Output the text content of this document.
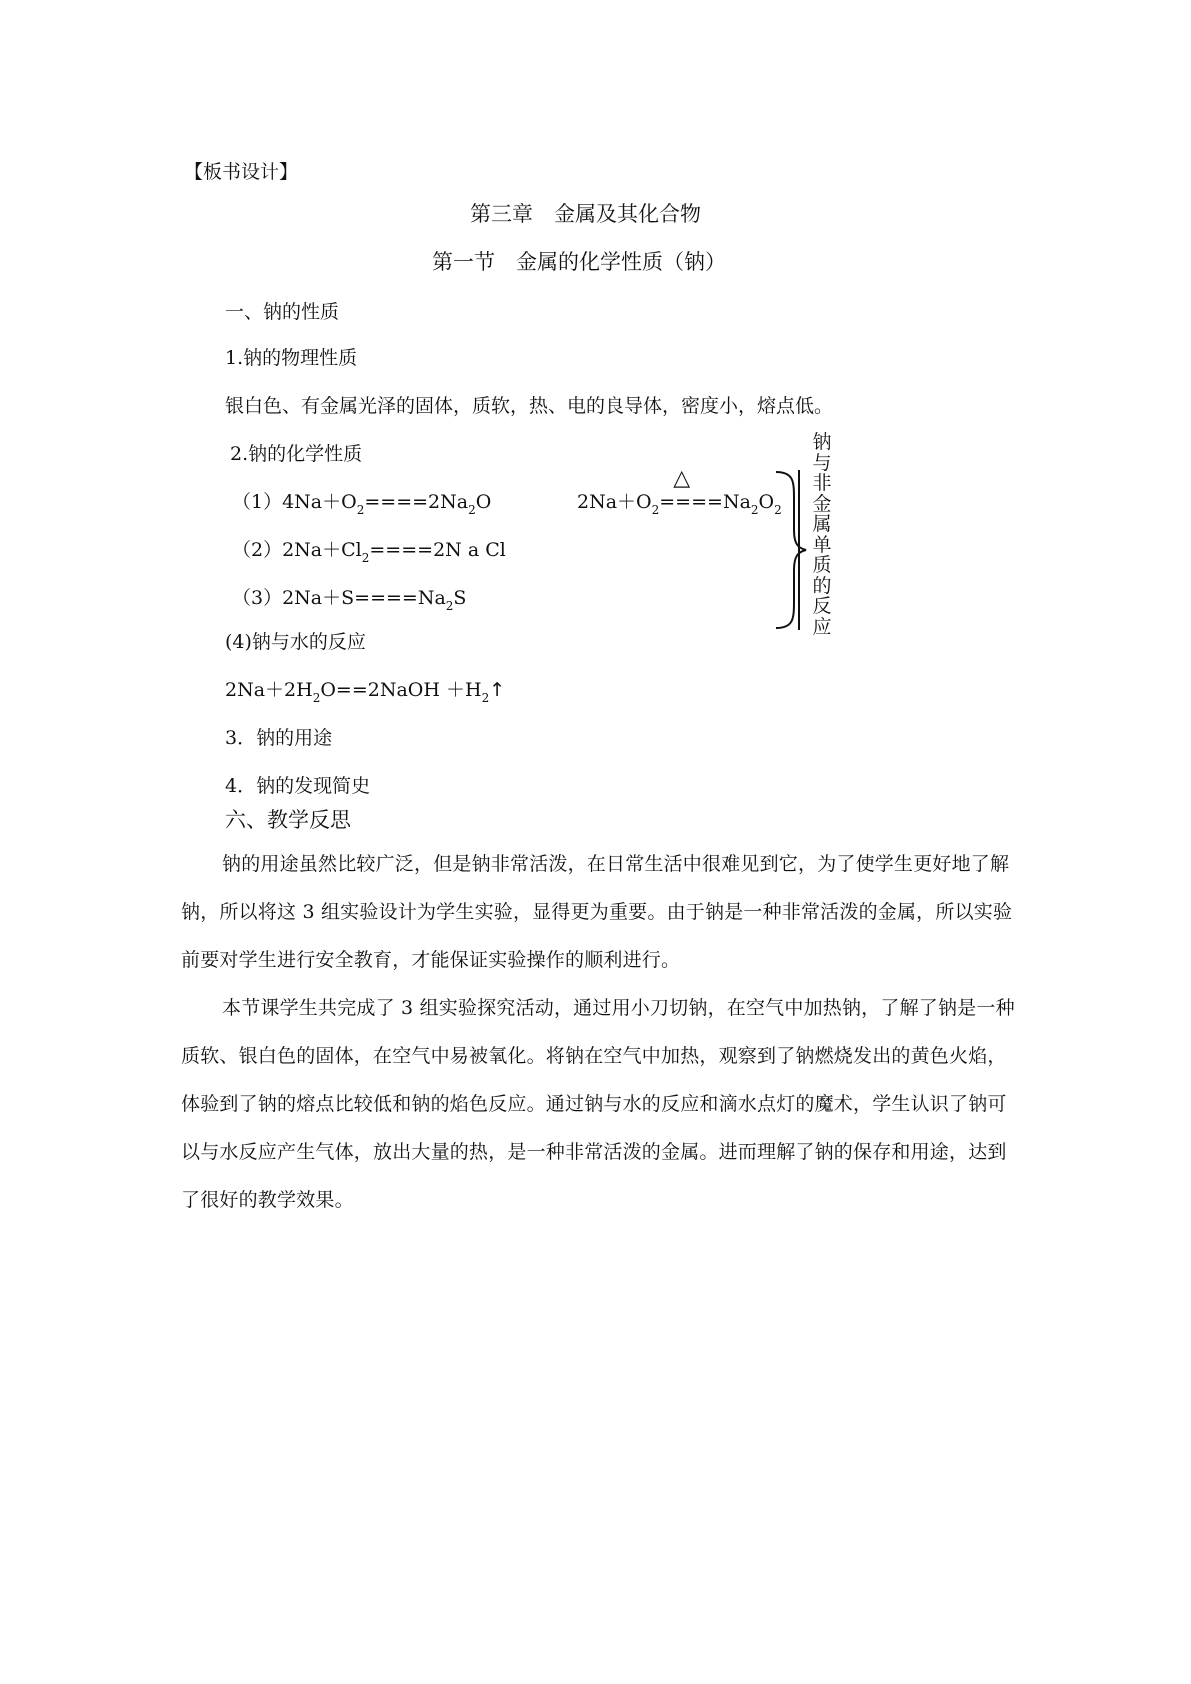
【板书设计】
第三章　金属及其化合物
第一节　金属的化学性质（钠）
一、钠的性质
1.钠的物理性质
银白色、有金属光泽的固体，质软，热、电的良导体，密度小，熔点低。
2.钠的化学性质
$(1)4Na+O_2====2Na_2O$	$2Na+O_2$
△
$====Na_2O_2$
$(2)2Na+Cl_2====2N$ a Cl
$(3)2Na+S====Na_2S$
钠
与
非
金
属
单
质
的
反
应
(4)钠与水的反应
$2Na+2H_2O==2NaOH$ $+H_2↑$
3．钠的用途
4．钠的发现简史
六、教学反思
钠的用途虽然比较广泛，但是钠非常活泼，在日常生活中很难见到它，为了使学生更好地了解钠，所以将这 3 组实验设计为学生实验，显得更为重要。由于钠是一种非常活泼的金属，所以实验前要对学生进行安全教育，才能保证实验操作的顺利进行。
本节课学生共完成了 3 组实验探究活动，通过用小刀切钠，在空气中加热钠，了解了钠是一种质软、银白色的固体，在空气中易被氧化。将钠在空气中加热，观察到了钠燃烧发出的黄色火焰，体验到了钠的熔点比较低和钠的焰色反应。通过钠与水的反应和滴水点灯的魔术，学生认识了钠可以与水反应产生气体，放出大量的热，是一种非常活泼的金属。进而理解了钠的保存和用途，达到了很好的教学效果。
